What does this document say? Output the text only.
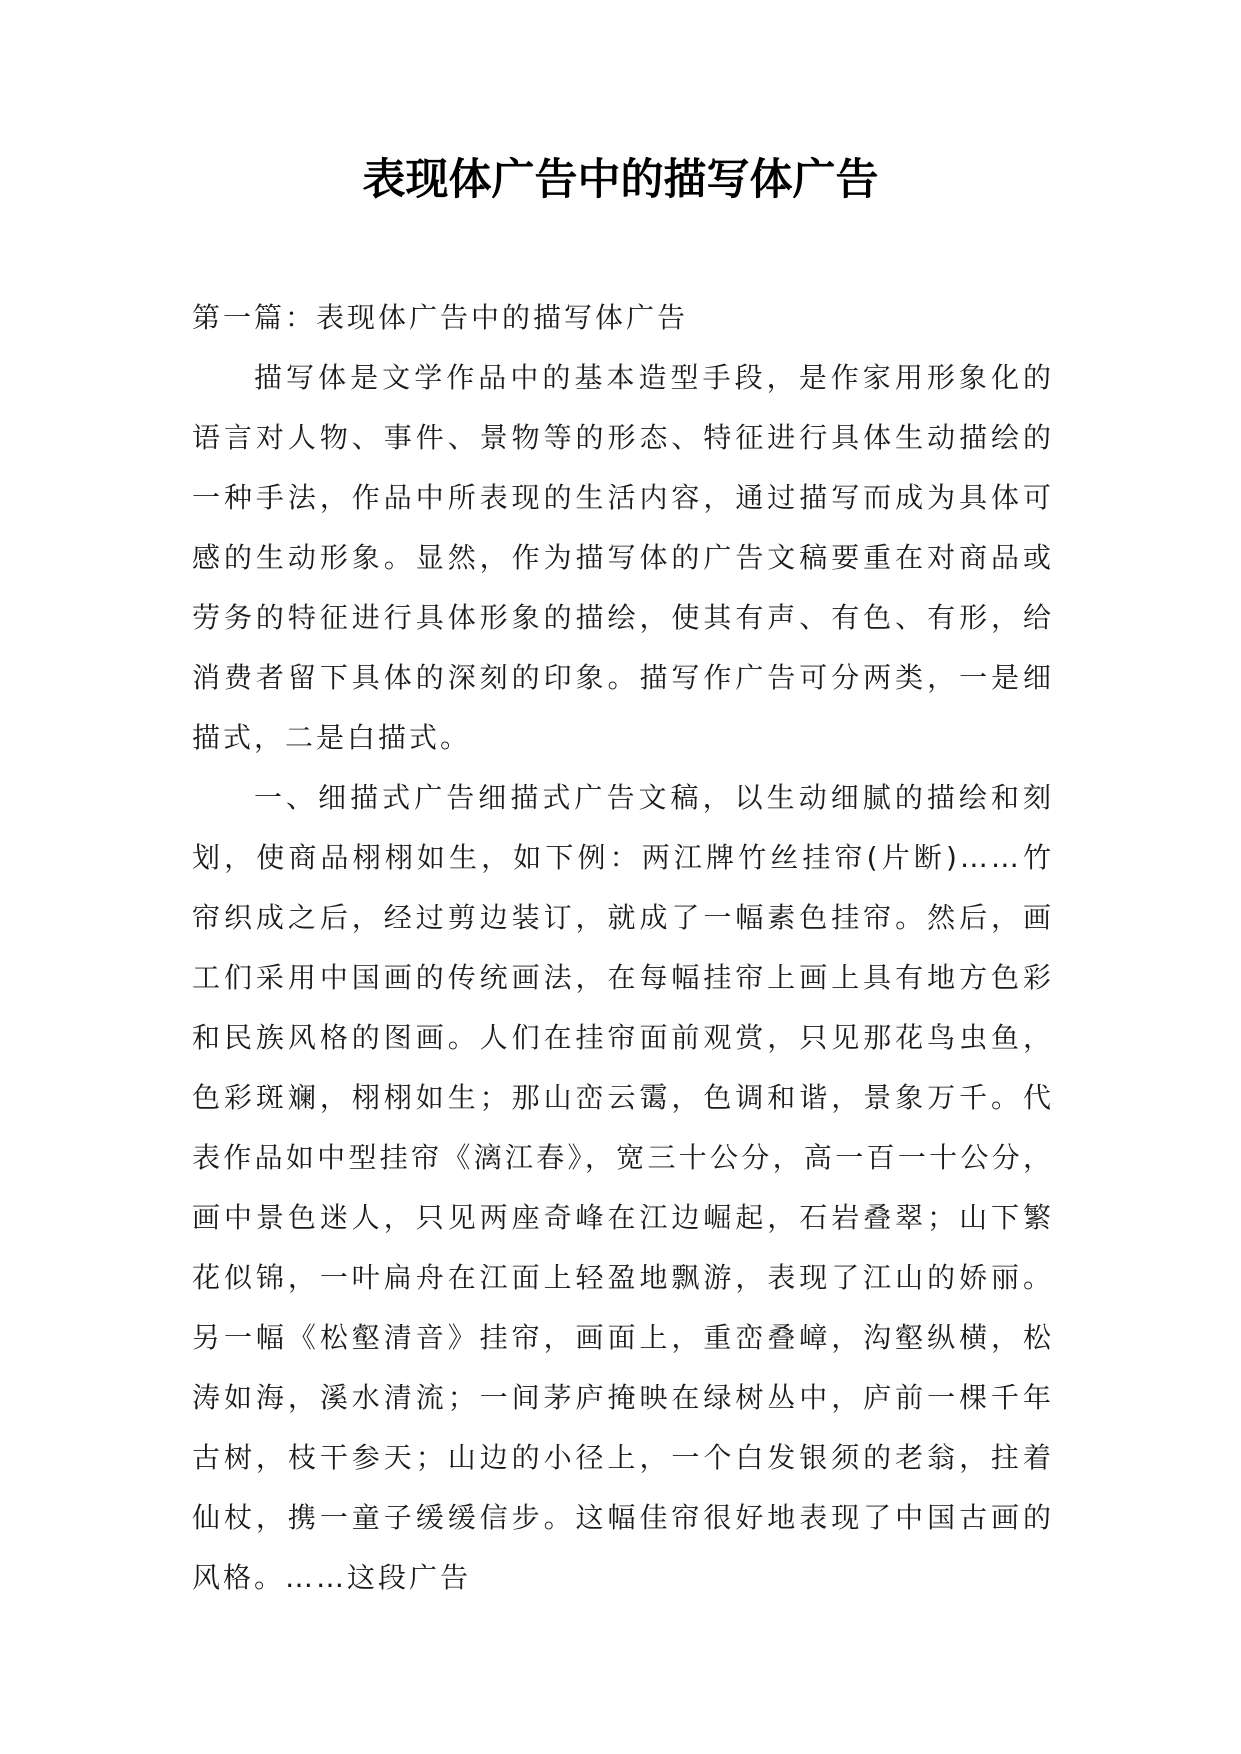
表现体广告中的描写体广告

第一篇：表现体广告中的描写体广告

描写体是文学作品中的基本造型手段，是作家用形象化的语言对人物、事件、景物等的形态、特征进行具体生动描绘的一种手法，作品中所表现的生活内容，通过描写而成为具体可感的生动形象。显然，作为描写体的广告文稿要重在对商品或劳务的特征进行具体形象的描绘，使其有声、有色、有形，给消费者留下具体的深刻的印象。描写作广告可分两类，一是细描式，二是白描式。

一、细描式广告细描式广告文稿，以生动细腻的描绘和刻划，使商品栩栩如生，如下例：两江牌竹丝挂帘(片断)……竹帘织成之后，经过剪边装订，就成了一幅素色挂帘。然后，画工们采用中国画的传统画法，在每幅挂帘上画上具有地方色彩和民族风格的图画。人们在挂帘面前观赏，只见那花鸟虫鱼，色彩斑斓，栩栩如生；那山峦云霭，色调和谐，景象万千。代表作品如中型挂帘《漓江春》，宽三十公分，高一百一十公分，画中景色迷人，只见两座奇峰在江边崛起，石岩叠翠；山下繁花似锦，一叶扁舟在江面上轻盈地飘游，表现了江山的娇丽。另一幅《松壑清音》挂帘，画面上，重峦叠嶂，沟壑纵横，松涛如海，溪水清流；一间茅庐掩映在绿树丛中，庐前一棵千年古树，枝干参天；山边的小径上，一个白发银须的老翁，拄着仙杖，携一童子缓缓信步。这幅佳帘很好地表现了中国古画的风格。……这段广告
